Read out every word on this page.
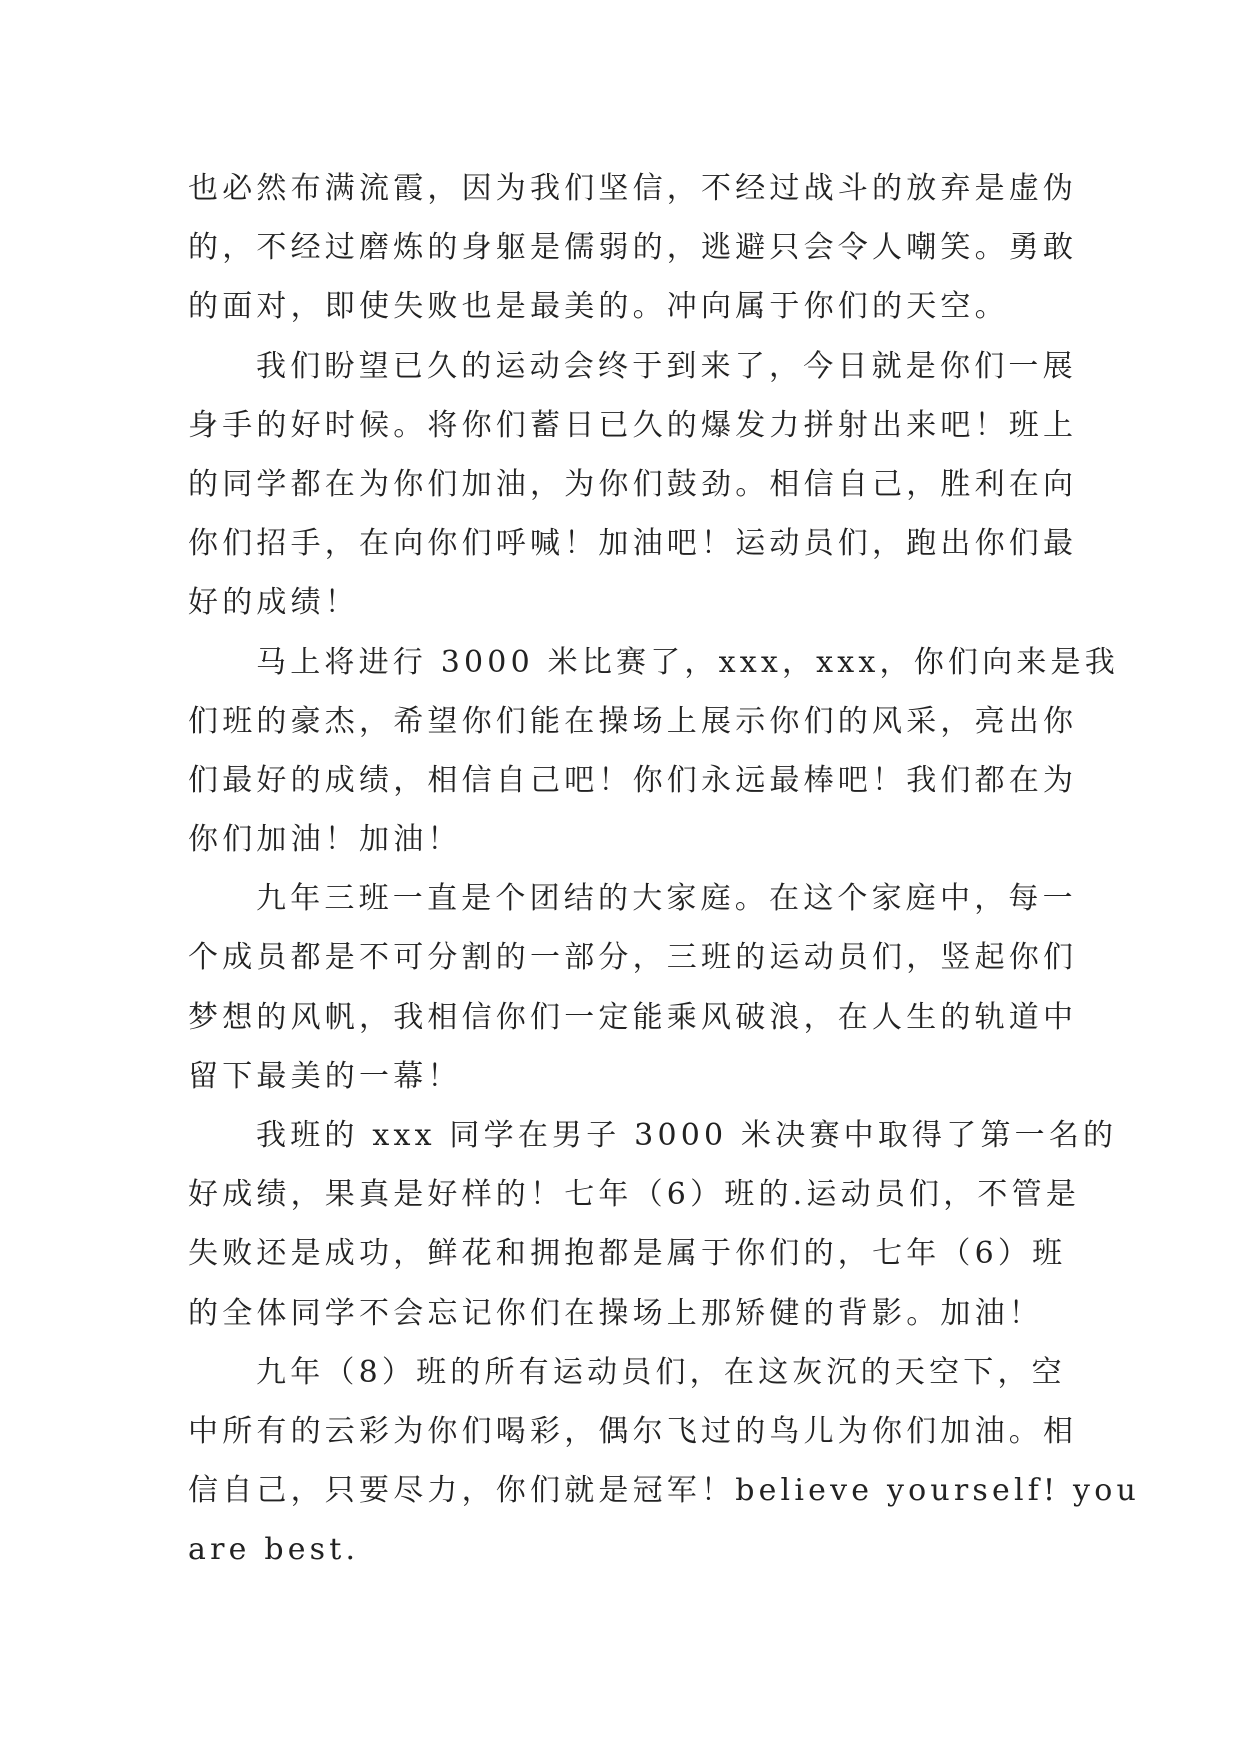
也必然布满流霞，因为我们坚信，不经过战斗的放弃是虚伪
的，不经过磨炼的身躯是儒弱的，逃避只会令人嘲笑。勇敢
的面对，即使失败也是最美的。冲向属于你们的天空。
我们盼望已久的运动会终于到来了，今日就是你们一展
身手的好时候。将你们蓄日已久的爆发力拼射出来吧！班上
的同学都在为你们加油，为你们鼓劲。相信自己，胜利在向
你们招手，在向你们呼喊！加油吧！运动员们，跑出你们最
好的成绩！
马上将进行 3000 米比赛了，xxx，xxx，你们向来是我
们班的豪杰，希望你们能在操场上展示你们的风采，亮出你
们最好的成绩，相信自己吧！你们永远最棒吧！我们都在为
你们加油！加油！
九年三班一直是个团结的大家庭。在这个家庭中，每一
个成员都是不可分割的一部分，三班的运动员们，竖起你们
梦想的风帆，我相信你们一定能乘风破浪，在人生的轨道中
留下最美的一幕！
我班的 xxx 同学在男子 3000 米决赛中取得了第一名的
好成绩，果真是好样的！七年（6）班的.运动员们，不管是
失败还是成功，鲜花和拥抱都是属于你们的，七年（6）班
的全体同学不会忘记你们在操场上那矫健的背影。加油！
九年（8）班的所有运动员们，在这灰沉的天空下，空
中所有的云彩为你们喝彩，偶尔飞过的鸟儿为你们加油。相
信自己，只要尽力，你们就是冠军！believe yourself! you
are best.
